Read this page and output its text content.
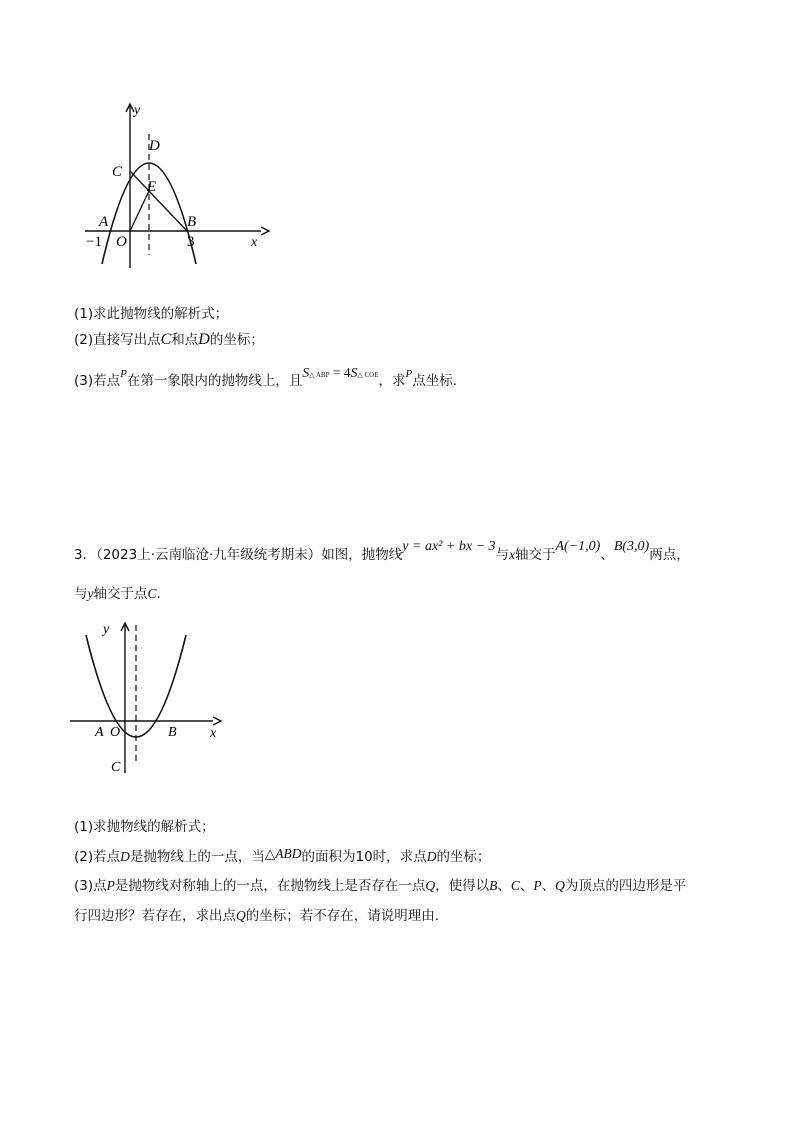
y
x
C
D
E
A	B
O
−1	3
(1)求此抛物线的解析式；
(2)直接写出点C和点D的坐标；
(3)若点$^P$在第一象限内的抛物线上，且S△ ABP = 4S△ COE，求$^P$点坐标.
3．（2023上·云南临沧·九年级统考期末）如图，抛物线y = ax² + bx − 3与x轴交于A(−1,0)、B(3,0)两点，
与y轴交于点C.
y
x
A O	B
C
(1)求抛物线的解析式；
(2)若点D是抛物线上的一点，当△ABD的面积为10时，求点D的坐标；
(3)点P是抛物线对称轴上的一点，在抛物线上是否存在一点Q，使得以B、C、P、Q为顶点的四边形是平
行四边形？若存在，求出点Q的坐标；若不存在，请说明理由.
